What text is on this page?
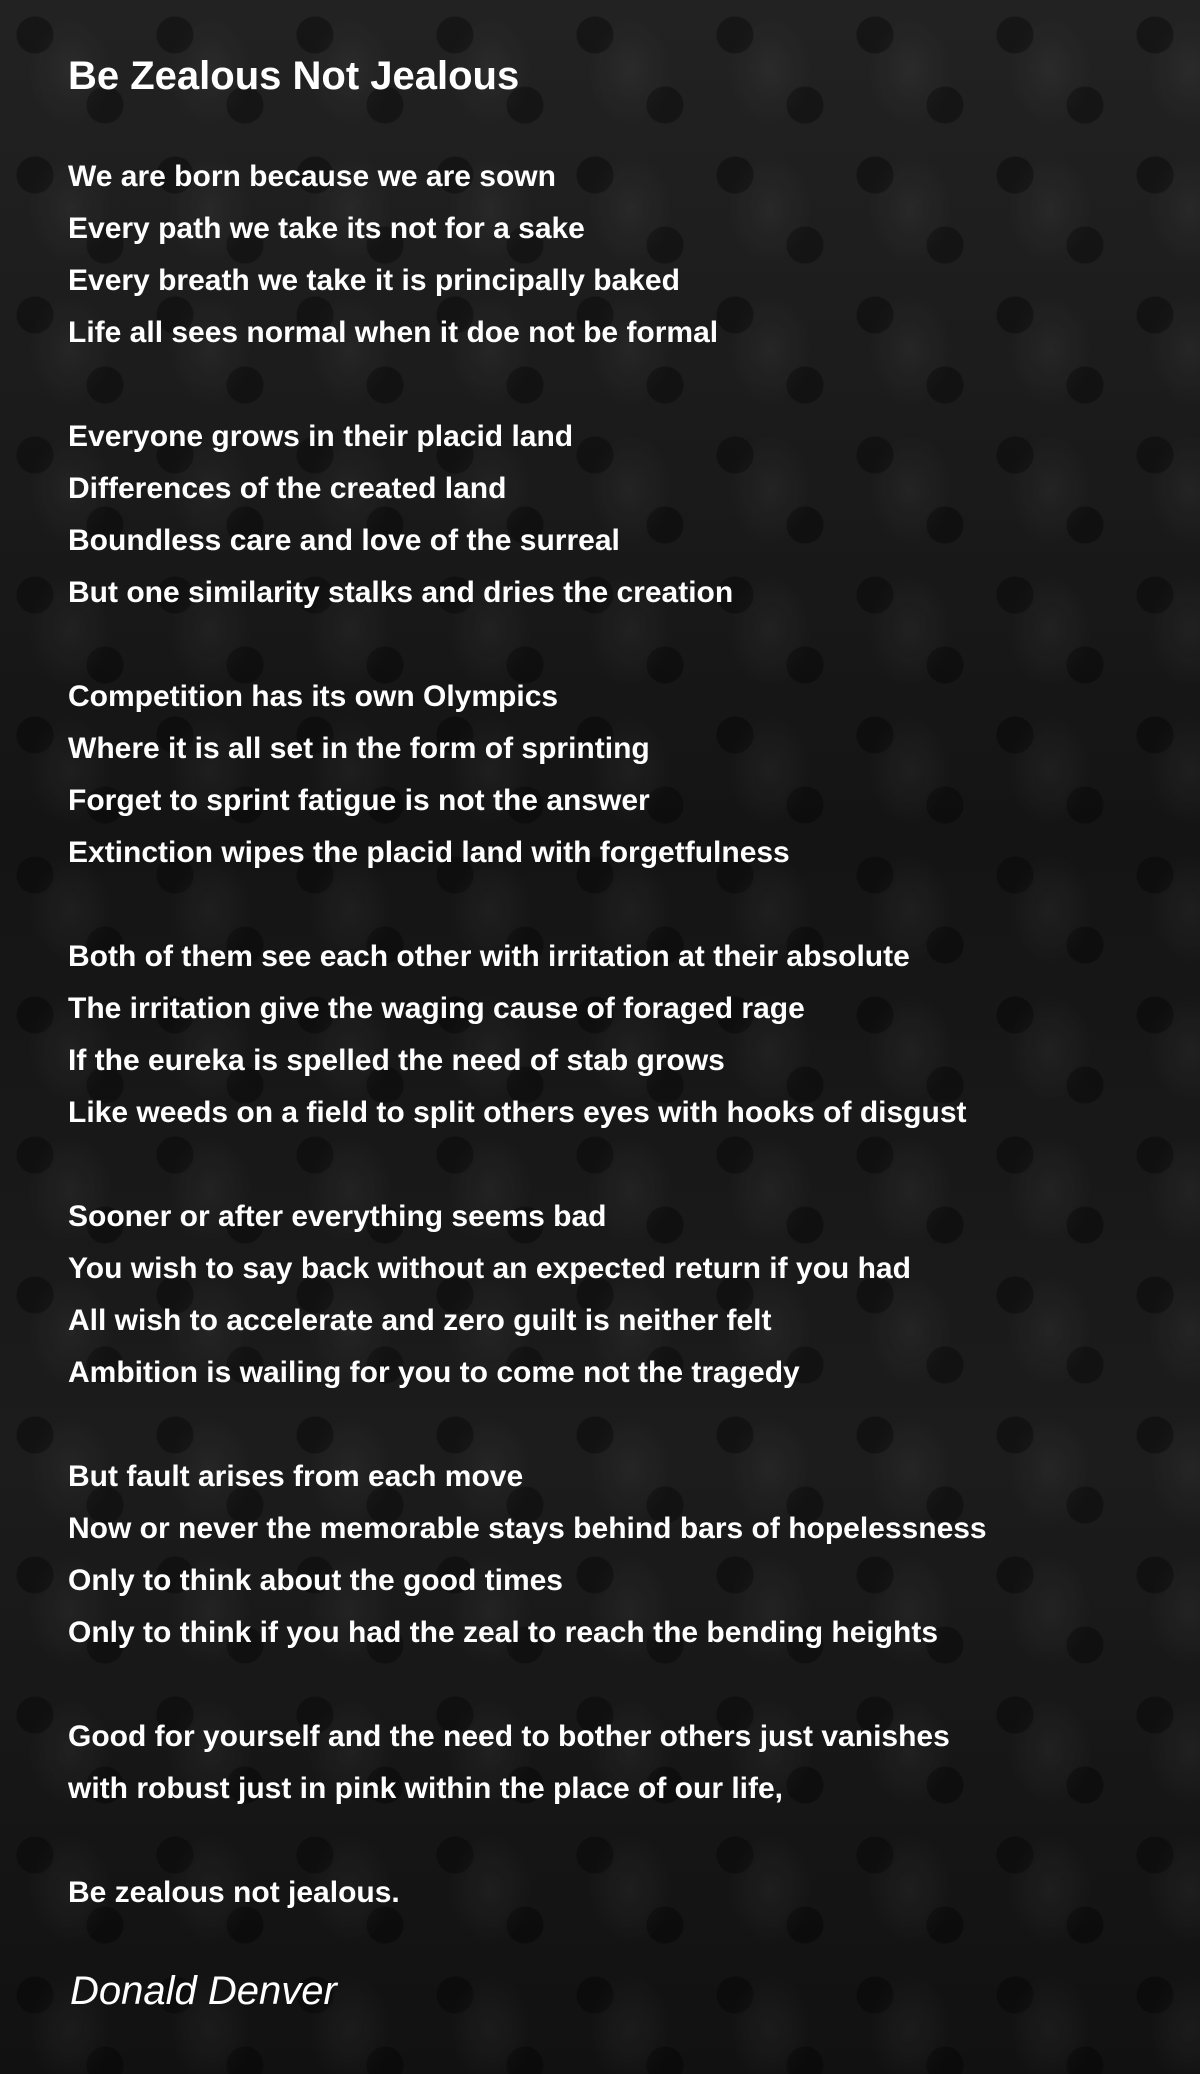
Be Zealous Not Jealous
We are born because we are sown
Every path we take its not for a sake
Every breath we take it is principally baked
Life all sees normal when it doe not be formal
Everyone grows in their placid land
Differences of the created land
Boundless care and love of the surreal
But one similarity stalks and dries the creation
Competition has its own Olympics
Where it is all set in the form of sprinting
Forget to sprint fatigue is not the answer
Extinction wipes the placid land with forgetfulness
Both of them see each other with irritation at their absolute
The irritation give the waging cause of foraged rage
If the eureka is spelled the need of stab grows
Like weeds on a field to split others eyes with hooks of disgust
Sooner or after everything seems bad
You wish to say back without an expected return if you had
All wish to accelerate and zero guilt is neither felt
Ambition is wailing for you to come not the tragedy
But fault arises from each move
Now or never the memorable stays behind bars of hopelessness
Only to think about the good times
Only to think if you had the zeal to reach the bending heights
Good for yourself and the need to bother others just vanishes
with robust just in pink within the place of our life,
Be zealous not jealous.

Donald Denver
